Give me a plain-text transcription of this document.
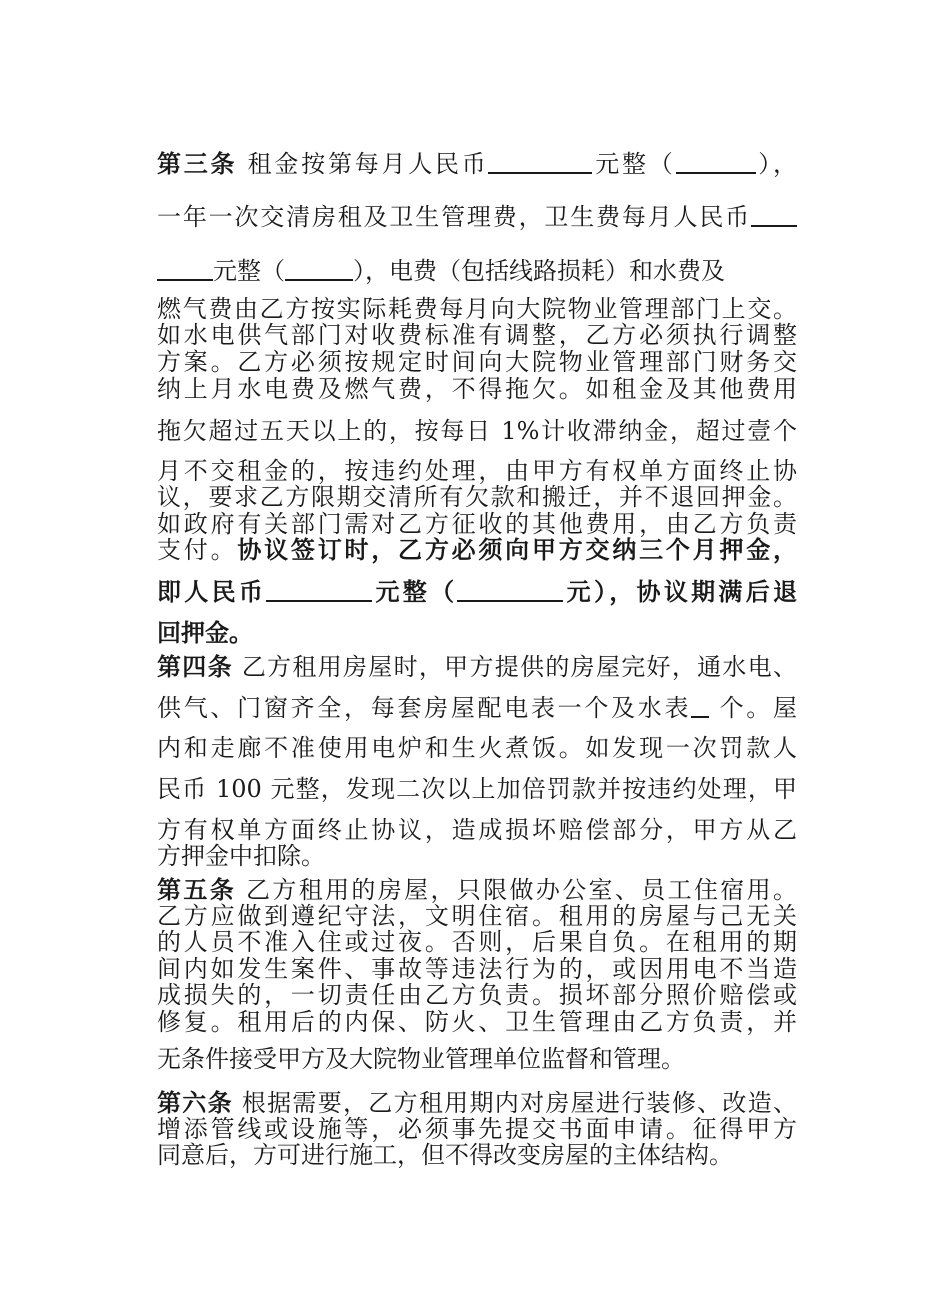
第三条 租金按第每月人民币	元整（	），
一年一次交清房租及卫生管理费，卫生费每月人民币
元整（	），电费（包括线路损耗）和水费及
燃气费由乙方按实际耗费每月向大院物业管理部门上交。
如水电供气部门对收费标准有调整，乙方必须执行调整
方案。乙方必须按规定时间向大院物业管理部门财务交
纳上月水电费及燃气费，不得拖欠。如租金及其他费用
拖欠超过五天以上的，按每日 1%计收滞纳金，超过壹个
月不交租金的，按违约处理，由甲方有权单方面终止协
议，要求乙方限期交清所有欠款和搬迁，并不退回押金。
如政府有关部门需对乙方征收的其他费用，由乙方负责
支付。协议签订时，乙方必须向甲方交纳三个月押金，
即人民币	元整（	元），协议期满后退
回押金。
第四条 乙方租用房屋时，甲方提供的房屋完好，通水电、
供气、门窗齐全，每套房屋配电表一个及水表 个。屋
内和走廊不准使用电炉和生火煮饭。如发现一次罚款人
民币 100 元整，发现二次以上加倍罚款并按违约处理，甲
方有权单方面终止协议，造成损坏赔偿部分，甲方从乙
方押金中扣除。
第五条 乙方租用的房屋，只限做办公室、员工住宿用。
乙方应做到遵纪守法，文明住宿。租用的房屋与己无关
的人员不准入住或过夜。否则，后果自负。在租用的期
间内如发生案件、事故等违法行为的，或因用电不当造
成损失的，一切责任由乙方负责。损坏部分照价赔偿或
修复。租用后的内保、防火、卫生管理由乙方负责，并
无条件接受甲方及大院物业管理单位监督和管理。
第六条 根据需要，乙方租用期内对房屋进行装修、改造、
增添管线或设施等，必须事先提交书面申请。征得甲方
同意后，方可进行施工，但不得改变房屋的主体结构。
